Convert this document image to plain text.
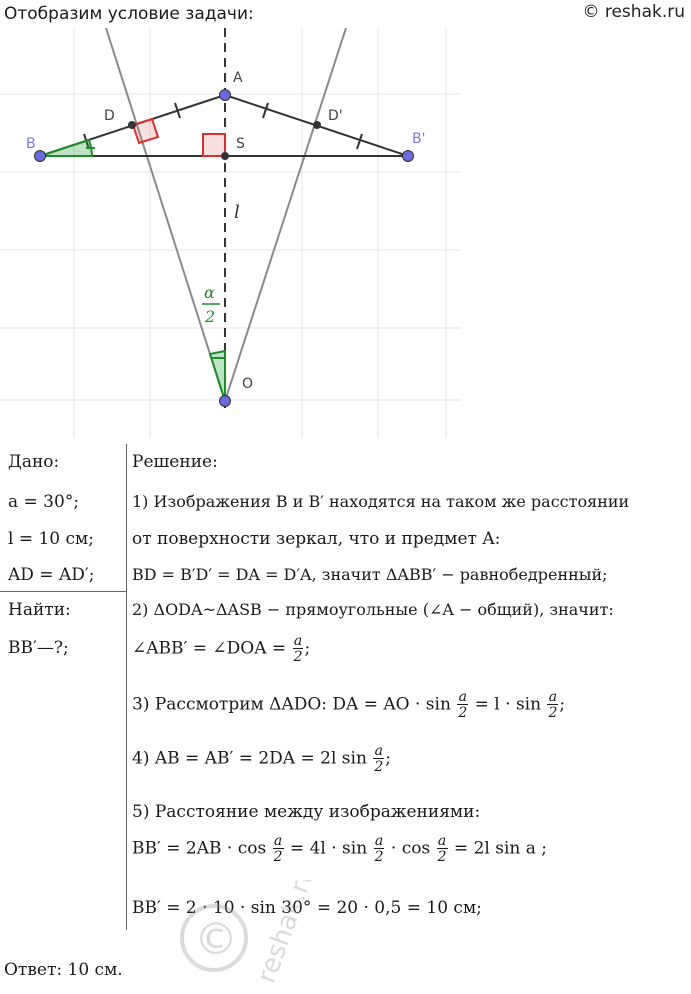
Отобразим условие задачи:	© reshak.ru
A
B	B'
D	D'
S
O
l
α
2
Дано:
a = 30°;
l = 10 см;
AD = AD′;
Найти:
BB′—?;
Решение:
1) Изображения B и B′ находятся на таком же расстоянии
от поверхности зеркал, что и предмет A:
BD = B′D′ = DA = D′A, значит ΔABB′ − равнобедренный;
2) ΔODA~ΔASB − прямоугольные (∠A − общий), значит:
∠ABB′ = ∠DOA = $\frac{a}{2}$ ;
3) Рассмотрим ΔADO: DA = AO · $\sin \frac{a}{2} = l \cdot \sin \frac{a}{2}$ ;
4) AB = AB′ = 2DA = 2l $\sin \frac{a}{2}$ ;
5) Расстояние между изображениями:
$BB' = 2AB \cdot \cos \frac{a}{2} = 4l \cdot \sin \frac{a}{2} \cdot \cos \frac{a}{2} = 2l$ sin a ;
BB′ = 2 · 10 · sin 30° = 20 · 0,5 = 10 см;
© reshak.ru
Ответ: 10 см.
